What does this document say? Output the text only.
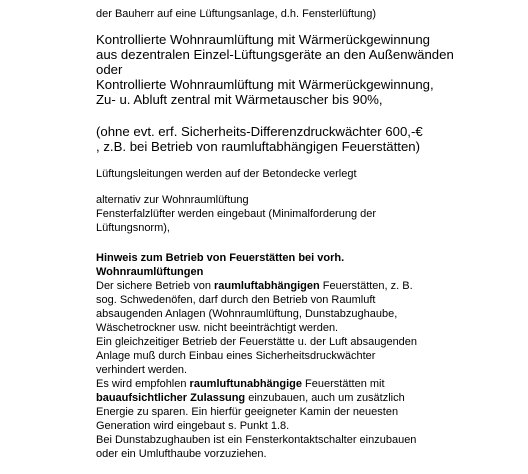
der Bauherr auf eine Lüftungsanlage, d.h. Fensterlüftung)
Kontrollierte Wohnraumlüftung mit Wärmerückgewinnung
aus dezentralen Einzel-Lüftungsgeräte an den Außenwänden
oder
Kontrollierte Wohnraumlüftung mit Wärmerückgewinnung,
Zu- u. Abluft zentral mit Wärmetauscher bis 90%,
(ohne evt. erf. Sicherheits-Differenzdruckwächter 600,-€
, z.B. bei Betrieb von raumluftabhängigen Feuerstätten)
Lüftungsleitungen werden auf der Betondecke verlegt
alternativ zur Wohnraumlüftung
Fensterfalzlüfter werden eingebaut (Minimalforderung der
Lüftungsnorm),
Hinweis zum Betrieb von Feuerstätten bei vorh.
Wohnraumlüftungen
Der sichere Betrieb von raumluftabhängigen Feuerstätten, z. B.
sog. Schwedenöfen, darf durch den Betrieb von Raumluft
absaugenden Anlagen (Wohnraumlüftung, Dunstabzughaube,
Wäschetrockner usw. nicht beeinträchtigt werden.
Ein gleichzeitiger Betrieb der Feuerstätte u. der Luft absaugenden
Anlage muß durch Einbau eines Sicherheitsdruckwächter
verhindert werden.
Es wird empfohlen raumluftunabhängige Feuerstätten mit
bauaufsichtlicher Zulassung einzubauen, auch um zusätzlich
Energie zu sparen. Ein hierfür geeigneter Kamin der neuesten
Generation wird eingebaut s. Punkt 1.8.
Bei Dunstabzughauben ist ein Fensterkontaktschalter einzubauen
oder ein Umlufthaube vorzuziehen.
